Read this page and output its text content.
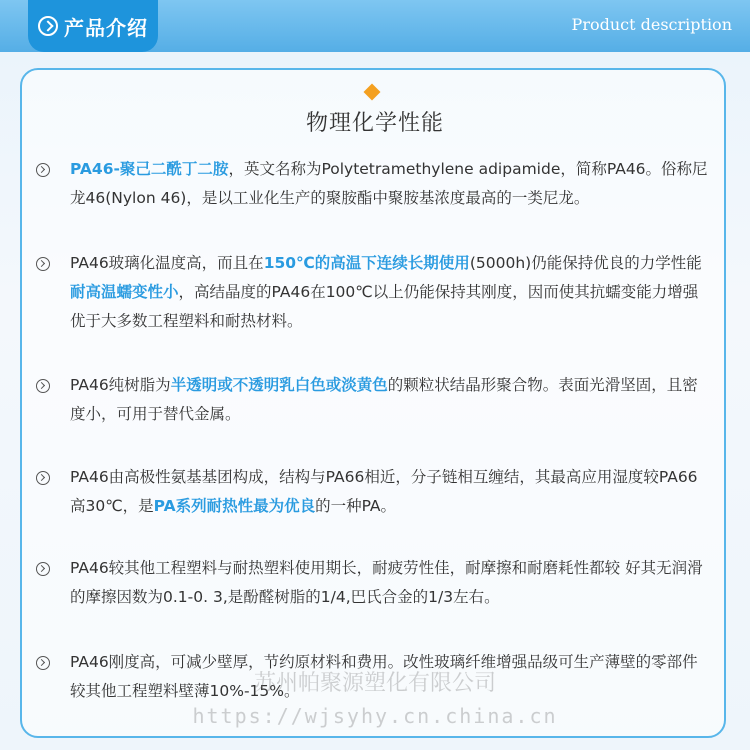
产品介绍	Product description
物理化学性能
PA46-聚己二酰丁二胺，英文名称为Polytetramethylene adipamide，简称PA46。俗称尼龙46(Nylon 46)，是以工业化生产的聚胺酯中聚胺基浓度最高的一类尼龙。
PA46玻璃化温度高，而且在150℃的高温下连续长期使用(5000h)仍能保持优良的力学性能耐高温蠕变性小，高结晶度的PA46在100℃以上仍能保持其刚度，因而使其抗蠕变能力增强优于大多数工程塑料和耐热材料。
PA46纯树脂为半透明或不透明乳白色或淡黄色的颗粒状结晶形聚合物。表面光滑坚固，且密度小，可用于替代金属。
PA46由高极性氨基基团构成，结构与PA66相近，分子链相互缠结，其最高应用湿度较PA66高30℃，是PA系列耐热性最为优良的一种PA。
PA46较其他工程塑料与耐热塑料使用期长，耐疲劳性佳，耐摩擦和耐磨耗性都较 好其无润滑的摩擦因数为0.1-0. 3,是酚醛树脂的1/4,巴氏合金的1/3左右。
PA46刚度高，可减少壁厚，节约原材料和费用。改性玻璃纤维增强品级可生产薄壁的零部件较其他工程塑料壁薄10%-15%。
苏州帕聚源塑化有限公司
https://wjsyhy.cn.china.cn
